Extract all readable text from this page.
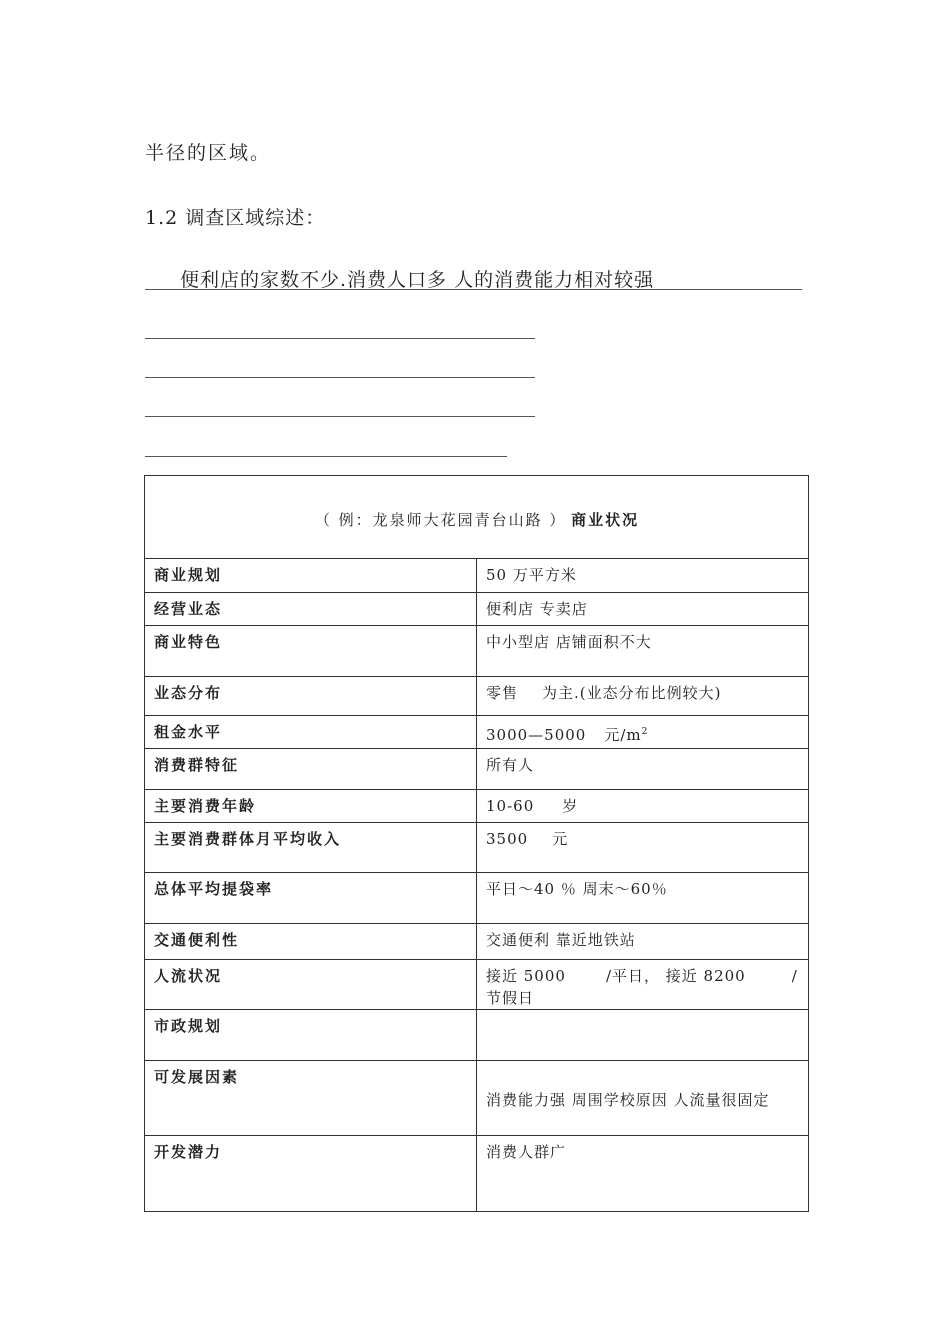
半径的区域。
1.2 调查区域综述：
便利店的家数不少.消费人口多 人的消费能力相对较强
（ 例：龙泉师大花园青台山路 ） 商业状况	
商业规划	50 万平方米
经营业态	便利店 专卖店
商业特色	中小型店 店铺面积不大
业态分布	零售 为主.(业态分布比例较大)
租金水平	3000—5000 元$/m^2$
消费群特征	所有人
主要消费年龄	10-60 岁
主要消费群体月平均收入	3500 元
总体平均提袋率	平日～40 ％ 周末～60％
交通便利性	交通便利 靠近地铁站
人流状况	接近 5000 /平日， 接近 8200 /节假日
市政规划	
可发展因素	消费能力强 周围学校原因 人流量很固定
开发潜力	消费人群广
